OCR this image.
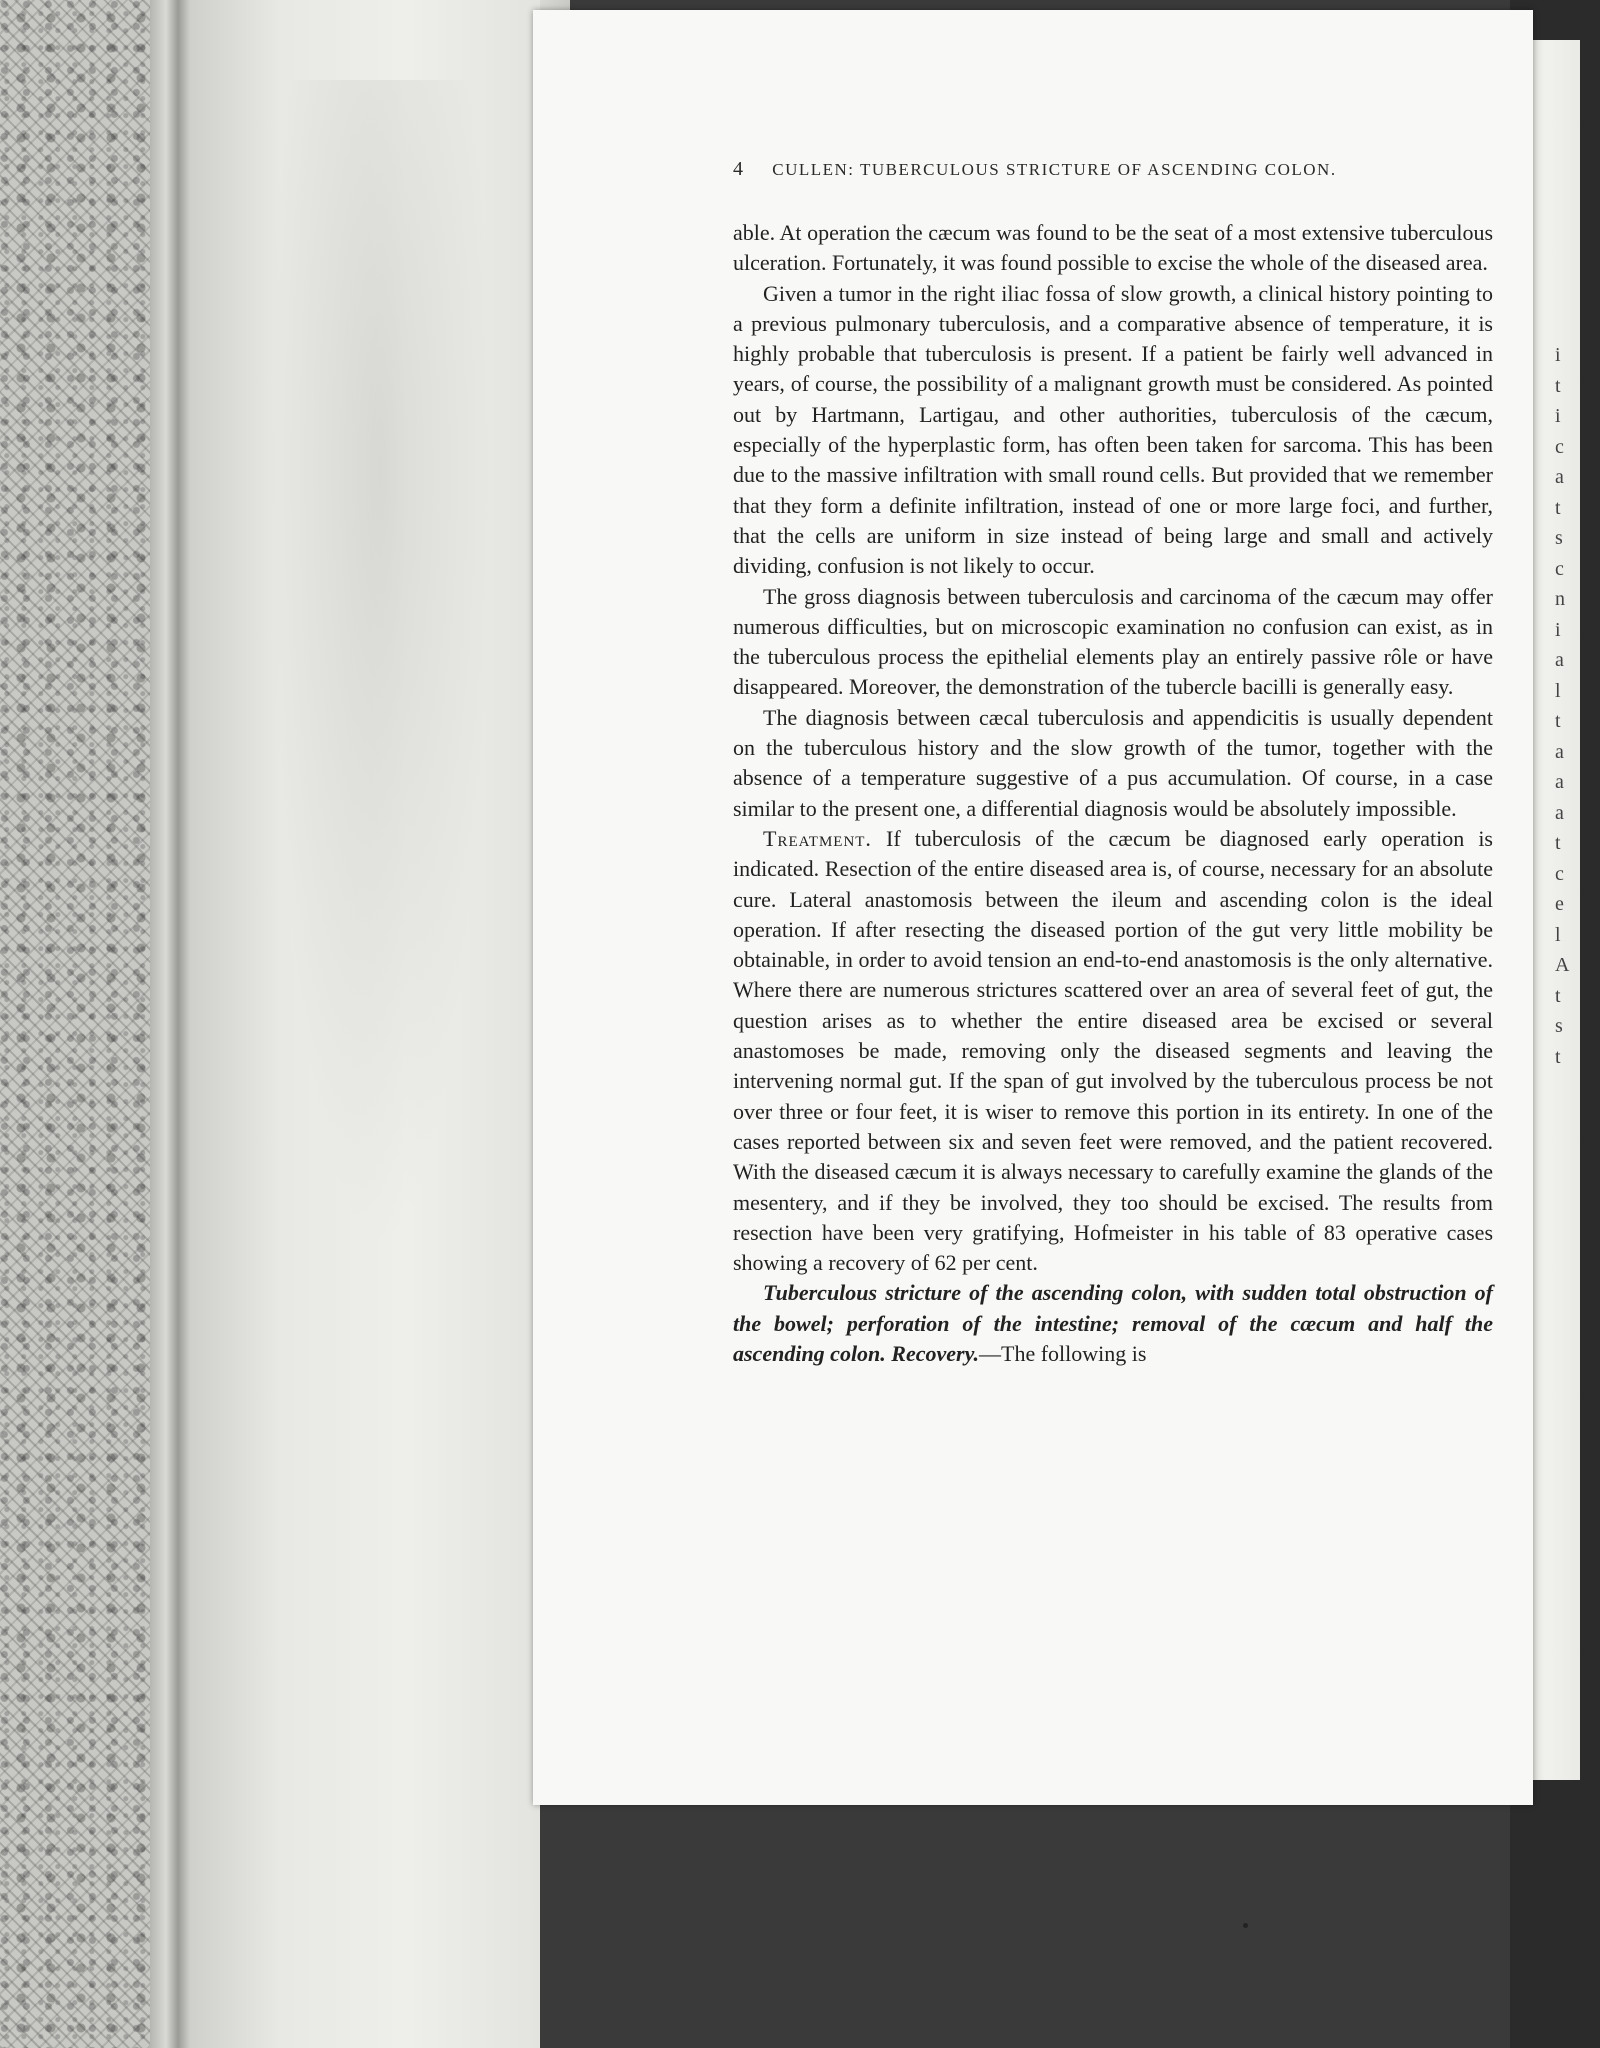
i
t
i
c
a
t
s
c
n
i
a
l
t
a
a
a
t
c
e
l
A
t
s
t
4 CULLEN: TUBERCULOUS STRICTURE OF ASCENDING COLON.

able. At operation the cæcum was found to be the seat of a most extensive tuberculous ulceration. Fortunately, it was found possible to excise the whole of the diseased area.

Given a tumor in the right iliac fossa of slow growth, a clinical history pointing to a previous pulmonary tuberculosis, and a comparative absence of temperature, it is highly probable that tuberculosis is present. If a patient be fairly well advanced in years, of course, the possibility of a malignant growth must be considered. As pointed out by Hartmann, Lartigau, and other authorities, tuberculosis of the cæcum, especially of the hyperplastic form, has often been taken for sarcoma. This has been due to the massive infiltration with small round cells. But provided that we remember that they form a definite infiltration, instead of one or more large foci, and further, that the cells are uniform in size instead of being large and small and actively dividing, confusion is not likely to occur.

The gross diagnosis between tuberculosis and carcinoma of the cæcum may offer numerous difficulties, but on microscopic examination no confusion can exist, as in the tuberculous process the epithelial elements play an entirely passive rôle or have disappeared. Moreover, the demonstration of the tubercle bacilli is generally easy.

The diagnosis between cæcal tuberculosis and appendicitis is usually dependent on the tuberculous history and the slow growth of the tumor, together with the absence of a temperature suggestive of a pus accumulation. Of course, in a case similar to the present one, a differential diagnosis would be absolutely impossible.

Treatment. If tuberculosis of the cæcum be diagnosed early operation is indicated. Resection of the entire diseased area is, of course, necessary for an absolute cure. Lateral anastomosis between the ileum and ascending colon is the ideal operation. If after resecting the diseased portion of the gut very little mobility be obtainable, in order to avoid tension an end-to-end anastomosis is the only alternative. Where there are numerous strictures scattered over an area of several feet of gut, the question arises as to whether the entire diseased area be excised or several anastomoses be made, removing only the diseased segments and leaving the intervening normal gut. If the span of gut involved by the tuberculous process be not over three or four feet, it is wiser to remove this portion in its entirety. In one of the cases reported between six and seven feet were removed, and the patient recovered. With the diseased cæcum it is always necessary to carefully examine the glands of the mesentery, and if they be involved, they too should be excised. The results from resection have been very gratifying, Hofmeister in his table of 83 operative cases showing a recovery of 62 per cent.

Tuberculous stricture of the ascending colon, with sudden total obstruction of the bowel; perforation of the intestine; removal of the cæcum and half the ascending colon. Recovery.—The following is
